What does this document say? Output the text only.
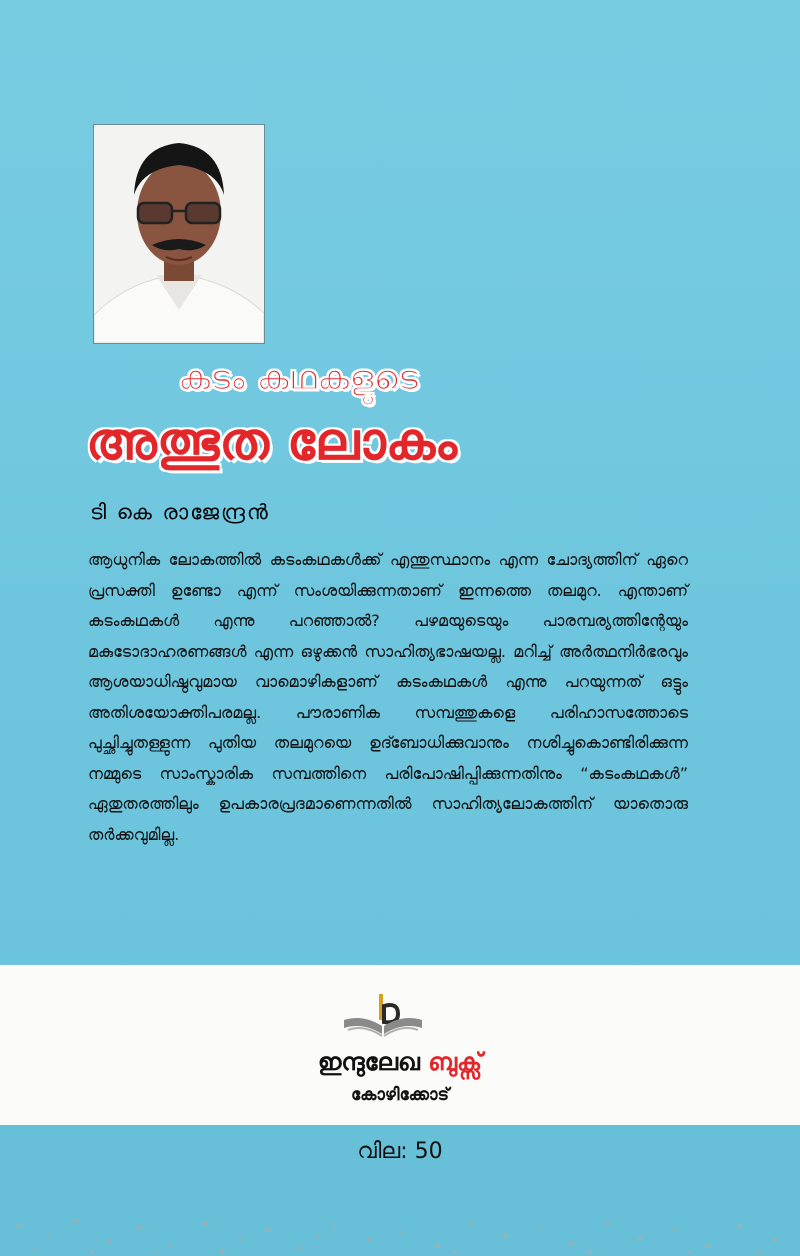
കടം കഥകളുടെ
അത്ഭുത ലോകം
ടി കെ രാജേന്ദ്രൻ

ആധുനിക ലോകത്തിൽ കടംകഥകൾക്ക് എന്തുസ്ഥാനം എന്ന ചോദ്യത്തിന് ഏറെ പ്രസക്തി ഉണ്ടോ എന്ന് സംശയിക്കുന്നതാണ് ഇന്നത്തെ തലമുറ. എന്താണ് കടംകഥകൾ എന്നു പറഞ്ഞാൽ? പഴമയുടെയും പാരമ്പര്യത്തിന്റേയും മകുടോദാഹരണങ്ങൾ എന്ന ഒഴുക്കൻ സാഹിത്യഭാഷയല്ല. മറിച്ച് അർത്ഥനിർഭരവും ആശയാധിഷ്ഠവുമായ വാമൊഴികളാണ് കടംകഥകൾ എന്നു പറയുന്നത് ഒട്ടും അതിശയോക്തിപരമല്ല. പൗരാണിക സമ്പത്തുകളെ പരിഹാസത്തോടെ പുച്ഛിച്ചുതള്ളുന്ന പുതിയ തലമുറയെ ഉദ്ബോധിക്കുവാനും നശിച്ചുകൊണ്ടിരിക്കുന്ന നമ്മുടെ സാംസ്കാരിക സമ്പത്തിനെ പരിപോഷിപ്പിക്കുന്നതിനും “കടംകഥകൾ” ഏതുതരത്തിലും ഉപകാരപ്രദമാണെന്നതിൽ സാഹിത്യലോകത്തിന് യാതൊരു തർക്കവുമില്ല.

ഇന്ദുലേഖ ബുക്സ്
കോഴിക്കോട്
വില: 50
